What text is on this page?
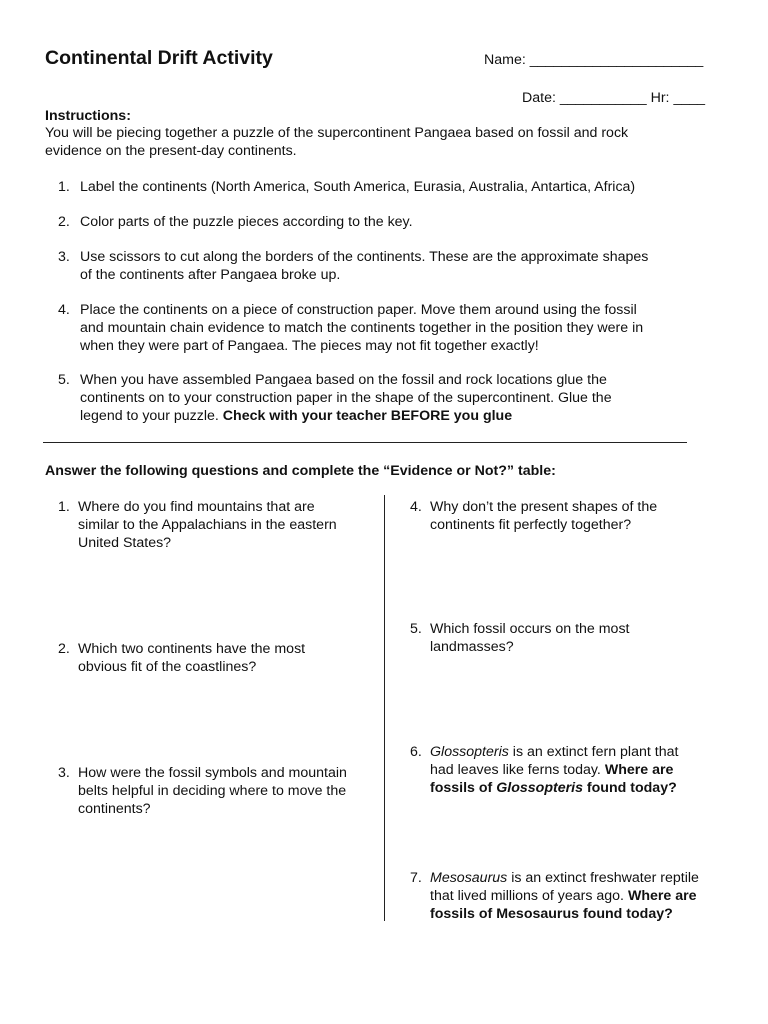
Continental Drift Activity	Name: ______________________
Date: ___________ Hr: ____
Instructions:
You will be piecing together a puzzle of the supercontinent Pangaea based on fossil and rock
evidence on the present-day continents.
1. Label the continents (North America, South America, Eurasia, Australia, Antartica, Africa)
2. Color parts of the puzzle pieces according to the key.
3. Use scissors to cut along the borders of the continents. These are the approximate shapes
of the continents after Pangaea broke up.
4. Place the continents on a piece of construction paper. Move them around using the fossil
and mountain chain evidence to match the continents together in the position they were in
when they were part of Pangaea. The pieces may not fit together exactly!
5. When you have assembled Pangaea based on the fossil and rock locations glue the
continents on to your construction paper in the shape of the supercontinent. Glue the
legend to your puzzle. Check with your teacher BEFORE you glue
Answer the following questions and complete the “Evidence or Not?” table:
1. Where do you find mountains that are
similar to the Appalachians in the eastern
United States?
2. Which two continents have the most
obvious fit of the coastlines?
3. How were the fossil symbols and mountain
belts helpful in deciding where to move the
continents?
4. Why don’t the present shapes of the
continents fit perfectly together?
5. Which fossil occurs on the most
landmasses?
6. Glossopteris is an extinct fern plant that
had leaves like ferns today. Where are
fossils of Glossopteris found today?
7. Mesosaurus is an extinct freshwater reptile
that lived millions of years ago. Where are
fossils of Mesosaurus found today?
